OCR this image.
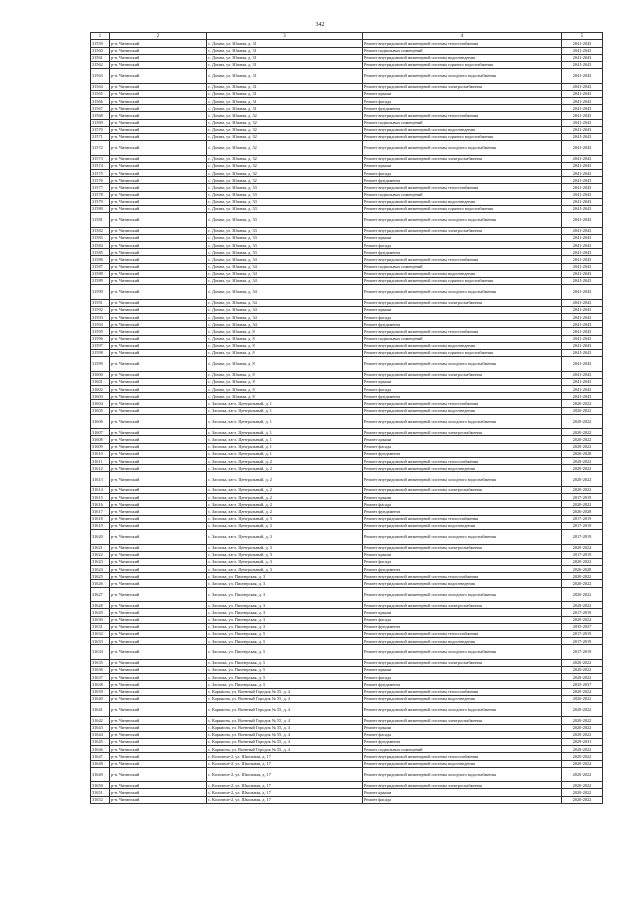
342
1	2	3	4	5
31559	р-н. Читинский	с. Домна, ул. Южная, д. 31	Ремонт внутридомовой инженерной системы теплоснабжения	2041-2043
31560	р-н. Читинский	с. Домна, ул. Южная, д. 31	Ремонт подвальных помещений	2041-2043
31561	р-н. Читинский	с. Домна, ул. Южная, д. 31	Ремонт внутридомовой инженерной системы водоотведения	2041-2043
31562	р-н. Читинский	с. Домна, ул. Южная, д. 31	Ремонт внутридомовой инженерной системы горячего водоснабжения	2041-2043
31563	р-н. Читинский	с. Домна, ул. Южная, д. 31	Ремонт внутридомовой инженерной системы холодного водоснабжения	2041-2043
31564	р-н. Читинский	с. Домна, ул. Южная, д. 31	Ремонт внутридомовой инженерной системы электроснабжения	2041-2043
31565	р-н. Читинский	с. Домна, ул. Южная, д. 31	Ремонт крыши	2041-2043
31566	р-н. Читинский	с. Домна, ул. Южная, д. 31	Ремонт фасада	2041-2043
31567	р-н. Читинский	с. Домна, ул. Южная, д. 31	Ремонт фундамента	2041-2043
31568	р-н. Читинский	с. Домна, ул. Южная, д. 32	Ремонт внутридомовой инженерной системы теплоснабжения	2041-2043
31569	р-н. Читинский	с. Домна, ул. Южная, д. 32	Ремонт подвальных помещений	2041-2043
31570	р-н. Читинский	с. Домна, ул. Южная, д. 32	Ремонт внутридомовой инженерной системы водоотведения	2041-2043
31571	р-н. Читинский	с. Домна, ул. Южная, д. 32	Ремонт внутридомовой инженерной системы горячего водоснабжения	2041-2043
31572	р-н. Читинский	с. Домна, ул. Южная, д. 32	Ремонт внутридомовой инженерной системы холодного водоснабжения	2041-2043
31573	р-н. Читинский	с. Домна, ул. Южная, д. 32	Ремонт внутридомовой инженерной системы электроснабжения	2041-2043
31574	р-н. Читинский	с. Домна, ул. Южная, д. 32	Ремонт крыши	2041-2043
31575	р-н. Читинский	с. Домна, ул. Южная, д. 32	Ремонт фасада	2041-2043
31576	р-н. Читинский	с. Домна, ул. Южная, д. 32	Ремонт фундамента	2041-2043
31577	р-н. Читинский	с. Домна, ул. Южная, д. 33	Ремонт внутридомовой инженерной системы теплоснабжения	2041-2043
31578	р-н. Читинский	с. Домна, ул. Южная, д. 33	Ремонт подвальных помещений	2041-2043
31579	р-н. Читинский	с. Домна, ул. Южная, д. 33	Ремонт внутридомовой инженерной системы водоотведения	2041-2043
31580	р-н. Читинский	с. Домна, ул. Южная, д. 33	Ремонт внутридомовой инженерной системы горячего водоснабжения	2041-2043
31581	р-н. Читинский	с. Домна, ул. Южная, д. 33	Ремонт внутридомовой инженерной системы холодного водоснабжения	2041-2043
31582	р-н. Читинский	с. Домна, ул. Южная, д. 33	Ремонт внутридомовой инженерной системы электроснабжения	2041-2043
31583	р-н. Читинский	с. Домна, ул. Южная, д. 33	Ремонт крыши	2041-2043
31584	р-н. Читинский	с. Домна, ул. Южная, д. 33	Ремонт фасада	2041-2043
31585	р-н. Читинский	с. Домна, ул. Южная, д. 33	Ремонт фундамента	2041-2043
31586	р-н. Читинский	с. Домна, ул. Южная, д. 34	Ремонт внутридомовой инженерной системы теплоснабжения	2041-2043
31587	р-н. Читинский	с. Домна, ул. Южная, д. 34	Ремонт подвальных помещений	2041-2043
31588	р-н. Читинский	с. Домна, ул. Южная, д. 34	Ремонт внутридомовой инженерной системы водоотведения	2041-2043
31589	р-н. Читинский	с. Домна, ул. Южная, д. 34	Ремонт внутридомовой инженерной системы горячего водоснабжения	2041-2043
31590	р-н. Читинский	с. Домна, ул. Южная, д. 34	Ремонт внутридомовой инженерной системы холодного водоснабжения	2041-2043
31591	р-н. Читинский	с. Домна, ул. Южная, д. 34	Ремонт внутридомовой инженерной системы электроснабжения	2041-2043
31592	р-н. Читинский	с. Домна, ул. Южная, д. 34	Ремонт крыши	2041-2043
31593	р-н. Читинский	с. Домна, ул. Южная, д. 34	Ремонт фасада	2041-2043
31594	р-н. Читинский	с. Домна, ул. Южная, д. 34	Ремонт фундамента	2041-2043
31595	р-н. Читинский	с. Домна, ул. Южная, д. 8	Ремонт внутридомовой инженерной системы теплоснабжения	2041-2043
31596	р-н. Читинский	с. Домна, ул. Южная, д. 8	Ремонт подвальных помещений	2041-2043
31597	р-н. Читинский	с. Домна, ул. Южная, д. 8	Ремонт внутридомовой инженерной системы водоотведения	2041-2043
31598	р-н. Читинский	с. Домна, ул. Южная, д. 8	Ремонт внутридомовой инженерной системы горячего водоснабжения	2041-2043
31599	р-н. Читинский	с. Домна, ул. Южная, д. 8	Ремонт внутридомовой инженерной системы холодного водоснабжения	2041-2043
31600	р-н. Читинский	с. Домна, ул. Южная, д. 8	Ремонт внутридомовой инженерной системы электроснабжения	2041-2043
31601	р-н. Читинский	с. Домна, ул. Южная, д. 8	Ремонт крыши	2041-2043
31602	р-н. Читинский	с. Домна, ул. Южная, д. 8	Ремонт фасада	2041-2043
31603	р-н. Читинский	с. Домна, ул. Южная, д. 8	Ремонт фундамента	2041-2043
31604	р-н. Читинский	с. Засопка, кв-л. Центральный, д. 1	Ремонт внутридомовой инженерной системы теплоснабжения	2020-2022
31605	р-н. Читинский	с. Засопка, кв-л. Центральный, д. 1	Ремонт внутридомовой инженерной системы водоотведения	2020-2022
31606	р-н. Читинский	с. Засопка, кв-л. Центральный, д. 1	Ремонт внутридомовой инженерной системы холодного водоснабжения	2020-2022
31607	р-н. Читинский	с. Засопка, кв-л. Центральный, д. 1	Ремонт внутридомовой инженерной системы электроснабжения	2020-2022
31608	р-н. Читинский	с. Засопка, кв-л. Центральный, д. 1	Ремонт крыши	2020-2022
31609	р-н. Читинский	с. Засопка, кв-л. Центральный, д. 1	Ремонт фасада	2020-2022
31610	р-н. Читинский	с. Засопка, кв-л. Центральный, д. 1	Ремонт фундамента	2026-2028
31611	р-н. Читинский	с. Засопка, кв-л. Центральный, д. 2	Ремонт внутридомовой инженерной системы теплоснабжения	2020-2022
31612	р-н. Читинский	с. Засопка, кв-л. Центральный, д. 2	Ремонт внутридомовой инженерной системы водоотведения	2020-2022
31613	р-н. Читинский	с. Засопка, кв-л. Центральный, д. 2	Ремонт внутридомовой инженерной системы холодного водоснабжения	2020-2022
31614	р-н. Читинский	с. Засопка, кв-л. Центральный, д. 2	Ремонт внутридомовой инженерной системы электроснабжения	2020-2022
31615	р-н. Читинский	с. Засопка, кв-л. Центральный, д. 2	Ремонт крыши	2017-2019
31616	р-н. Читинский	с. Засопка, кв-л. Центральный, д. 2	Ремонт фасада	2020-2022
31617	р-н. Читинский	с. Засопка, кв-л. Центральный, д. 2	Ремонт фундамента	2026-2028
31618	р-н. Читинский	с. Засопка, кв-л. Центральный, д. 3	Ремонт внутридомовой инженерной системы теплоснабжения	2017-2019
31619	р-н. Читинский	с. Засопка, кв-л. Центральный, д. 3	Ремонт внутридомовой инженерной системы водоотведения	2017-2019
31620	р-н. Читинский	с. Засопка, кв-л. Центральный, д. 3	Ремонт внутридомовой инженерной системы холодного водоснабжения	2017-2019
31621	р-н. Читинский	с. Засопка, кв-л. Центральный, д. 3	Ремонт внутридомовой инженерной системы электроснабжения	2020-2022
31622	р-н. Читинский	с. Засопка, кв-л. Центральный, д. 3	Ремонт крыши	2017-2019
31623	р-н. Читинский	с. Засопка, кв-л. Центральный, д. 3	Ремонт фасада	2020-2022
31624	р-н. Читинский	с. Засопка, кв-л. Центральный, д. 3	Ремонт фундамента	2026-2028
31625	р-н. Читинский	с. Засопка, ул. Пионерская, д. 3	Ремонт внутридомовой инженерной системы теплоснабжения	2020-2022
31626	р-н. Читинский	с. Засопка, ул. Пионерская, д. 3	Ремонт внутридомовой инженерной системы водоотведения	2020-2022
31627	р-н. Читинский	с. Засопка, ул. Пионерская, д. 3	Ремонт внутридомовой инженерной системы холодного водоснабжения	2020-2022
31628	р-н. Читинский	с. Засопка, ул. Пионерская, д. 3	Ремонт внутридомовой инженерной системы электроснабжения	2020-2022
31629	р-н. Читинский	с. Засопка, ул. Пионерская, д. 3	Ремонт крыши	2017-2019
31630	р-н. Читинский	с. Засопка, ул. Пионерская, д. 3	Ремонт фасада	2020-2022
31631	р-н. Читинский	с. Засопка, ул. Пионерская, д. 3	Ремонт фундамента	2035-2037
31632	р-н. Читинский	с. Засопка, ул. Пионерская, д. 5	Ремонт внутридомовой инженерной системы теплоснабжения	2017-2019
31633	р-н. Читинский	с. Засопка, ул. Пионерская, д. 5	Ремонт внутридомовой инженерной системы водоотведения	2017-2019
31634	р-н. Читинский	с. Засопка, ул. Пионерская, д. 5	Ремонт внутридомовой инженерной системы холодного водоснабжения	2017-2019
31635	р-н. Читинский	с. Засопка, ул. Пионерская, д. 5	Ремонт внутридомовой инженерной системы электроснабжения	2020-2022
31636	р-н. Читинский	с. Засопка, ул. Пионерская, д. 5	Ремонт крыши	2020-2022
31637	р-н. Читинский	с. Засопка, ул. Пионерская, д. 5	Ремонт фасада	2020-2022
31638	р-н. Читинский	с. Засопка, ул. Пионерская, д. 5	Ремонт фундамента	2035-2037
31639	р-н. Читинский	с. Каркиона, ул. Военный Городок № 55, д. 4	Ремонт внутридомовой инженерной системы теплоснабжения	2020-2022
31640	р-н. Читинский	с. Каркиона, ул. Военный Городок № 55, д. 4	Ремонт внутридомовой инженерной системы водоотведения	2020-2022
31641	р-н. Читинский	с. Каркиона, ул. Военный Городок № 55, д. 4	Ремонт внутридомовой инженерной системы холодного водоснабжения	2020-2022
31642	р-н. Читинский	с. Каркиона, ул. Военный Городок № 55, д. 4	Ремонт внутридомовой инженерной системы электроснабжения	2020-2022
31643	р-н. Читинский	с. Каркиона, ул. Военный Городок № 55, д. 4	Ремонт крыши	2020-2022
31644	р-н. Читинский	с. Каркиона, ул. Военный Городок № 55, д. 4	Ремонт фасада	2020-2022
31645	р-н. Читинский	с. Каркиона, ул. Военный Городок № 55, д. 4	Ремонт фундамента	2029-2031
31646	р-н. Читинский	с. Каркиона, ул. Военный Городок № 55, д. 4	Ремонт подвальных помещений	2020-2022
31647	р-н. Читинский	с. Колочное-2, ул. Школьная, д. 17	Ремонт внутридомовой инженерной системы теплоснабжения	2020-2022
31648	р-н. Читинский	с. Колочное-2, ул. Школьная, д. 17	Ремонт внутридомовой инженерной системы водоотведения	2020-2022
31649	р-н. Читинский	с. Колочное-2, ул. Школьная, д. 17	Ремонт внутридомовой инженерной системы холодного водоснабжения	2020-2022
31650	р-н. Читинский	с. Колочное-2, ул. Школьная, д. 17	Ремонт внутридомовой инженерной системы электроснабжения	2020-2022
31651	р-н. Читинский	с. Колочное-2, ул. Школьная, д. 17	Ремонт крыши	2020-2022
31652	р-н. Читинский	с. Колочное-2, ул. Школьная, д. 17	Ремонт фасада	2020-2022
